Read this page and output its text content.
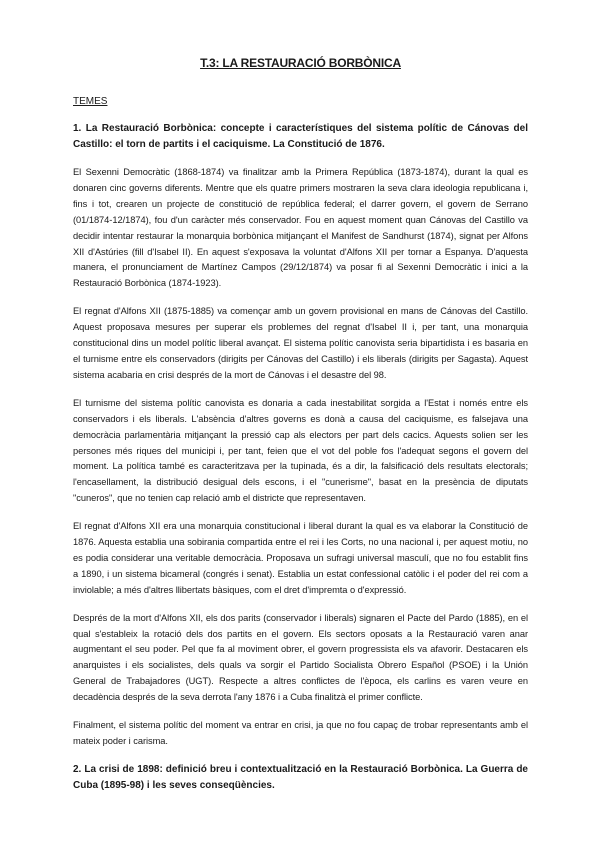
T.3: LA RESTAURACIÓ BORBÒNICA
TEMES
1. La Restauració Borbònica: concepte i característiques del sistema polític de Cánovas del Castillo: el torn de partits i el caciquisme. La Constitució de 1876.

El Sexenni Democràtic (1868-1874) va finalitzar amb la Primera República (1873-1874), durant la qual es donaren cinc governs diferents. Mentre que els quatre primers mostraren la seva clara ideologia republicana i, fins i tot, crearen un projecte de constitució de república federal; el darrer govern, el govern de Serrano (01/1874-12/1874), fou d'un caràcter més conservador. Fou en aquest moment quan Cánovas del Castillo va decidir intentar restaurar la monarquia borbònica mitjançant el Manifest de Sandhurst (1874), signat per Alfons XII d'Astúries (fill d'Isabel II). En aquest s'exposava la voluntat d'Alfons XII per tornar a Espanya. D'aquesta manera, el pronunciament de Martínez Campos (29/12/1874) va posar fi al Sexenni Democràtic i inici a la Restauració Borbònica (1874-1923).

El regnat d'Alfons XII (1875-1885) va començar amb un govern provisional en mans de Cánovas del Castillo. Aquest proposava mesures per superar els problemes del regnat d'Isabel II i, per tant, una monarquia constitucional dins un model polític liberal avançat. El sistema polític canovista seria bipartidista i es basaria en el turnisme entre els conservadors (dirigits per Cánovas del Castillo) i els liberals (dirigits per Sagasta). Aquest sistema acabaria en crisi després de la mort de Cánovas i el desastre del 98.

El turnisme del sistema polític canovista es donaria a cada inestabilitat sorgida a l'Estat i només entre els conservadors i els liberals. L'absència d'altres governs es donà a causa del caciquisme, es falsejava una democràcia parlamentària mitjançant la pressió cap als electors per part dels cacics. Aquests solien ser les persones més riques del municipi i, per tant, feien que el vot del poble fos l'adequat segons el govern del moment. La política també es caracteritzava per la tupinada, és a dir, la falsificació dels resultats electorals; l'encasellament, la distribució desigual dels escons, i el "cunerisme", basat en la presència de diputats "cuneros", que no tenien cap relació amb el districte que representaven.

El regnat d'Alfons XII era una monarquia constitucional i liberal durant la qual es va elaborar la Constitució de 1876. Aquesta establia una sobirania compartida entre el rei i les Corts, no una nacional i, per aquest motiu, no es podia considerar una veritable democràcia. Proposava un sufragi universal masculí, que no fou establit fins a 1890, i un sistema bicameral (congrés i senat). Establia un estat confessional catòlic i el poder del rei com a inviolable; a més d'altres llibertats bàsiques, com el dret d'impremta o d'expressió.

Després de la mort d'Alfons XII, els dos parits (conservador i liberals) signaren el Pacte del Pardo (1885), en el qual s'estableix la rotació dels dos partits en el govern. Els sectors oposats a la Restauració varen anar augmentant el seu poder. Pel que fa al moviment obrer, el govern progressista els va afavorir. Destacaren els anarquistes i els socialistes, dels quals va sorgir el Partido Socialista Obrero Español (PSOE) i la Unión General de Trabajadores (UGT). Respecte a altres conflictes de l'època, els carlins es varen veure en decadència després de la seva derrota l'any 1876 i a Cuba finalitzà el primer conflicte.

Finalment, el sistema polític del moment va entrar en crisi, ja que no fou capaç de trobar representants amb el mateix poder i carisma.

2. La crisi de 1898: definició breu i contextualització en la Restauració Borbònica. La Guerra de Cuba (1895-98) i les seves conseqüències.
